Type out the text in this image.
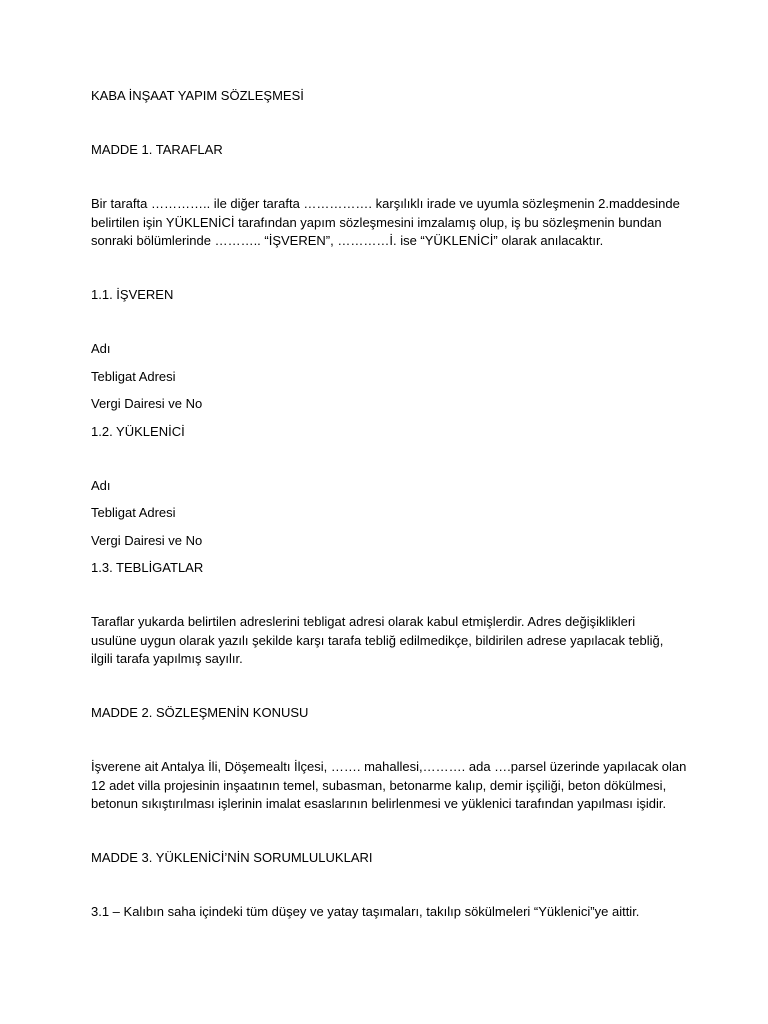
KABA İNŞAAT YAPIM SÖZLEŞMESİ
MADDE 1. TARAFLAR
Bir tarafta ………….. ile diğer tarafta ……………. karşılıklı irade ve uyumla sözleşmenin 2.maddesinde
belirtilen işin YÜKLENİCİ tarafından yapım sözleşmesini imzalamış olup, iş bu sözleşmenin bundan
sonraki bölümlerinde ……….. “İŞVEREN”, …………İ. ise “YÜKLENİCİ” olarak anılacaktır.
1.1. İŞVEREN
Adı
Tebligat Adresi
Vergi Dairesi ve No
1.2. YÜKLENİCİ
Adı
Tebligat Adresi
Vergi Dairesi ve No
1.3. TEBLİGATLAR
Taraflar yukarda belirtilen adreslerini tebligat adresi olarak kabul etmişlerdir. Adres değişiklikleri
usulüne uygun olarak yazılı şekilde karşı tarafa tebliğ edilmedikçe, bildirilen adrese yapılacak tebliğ,
ilgili tarafa yapılmış sayılır.
MADDE 2. SÖZLEŞMENİN KONUSU
İşverene ait Antalya İli, Döşemealtı İlçesi, ……. mahallesi,………. ada ….parsel üzerinde yapılacak olan
12 adet villa projesinin inşaatının temel, subasman, betonarme kalıp, demir işçiliği, beton dökülmesi,
betonun sıkıştırılması işlerinin imalat esaslarının belirlenmesi ve yüklenici tarafından yapılması işidir.
MADDE 3. YÜKLENİCİ’NİN SORUMLULUKLARI
3.1 – Kalıbın saha içindeki tüm düşey ve yatay taşımaları, takılıp sökülmeleri “Yüklenici”ye aittir.
